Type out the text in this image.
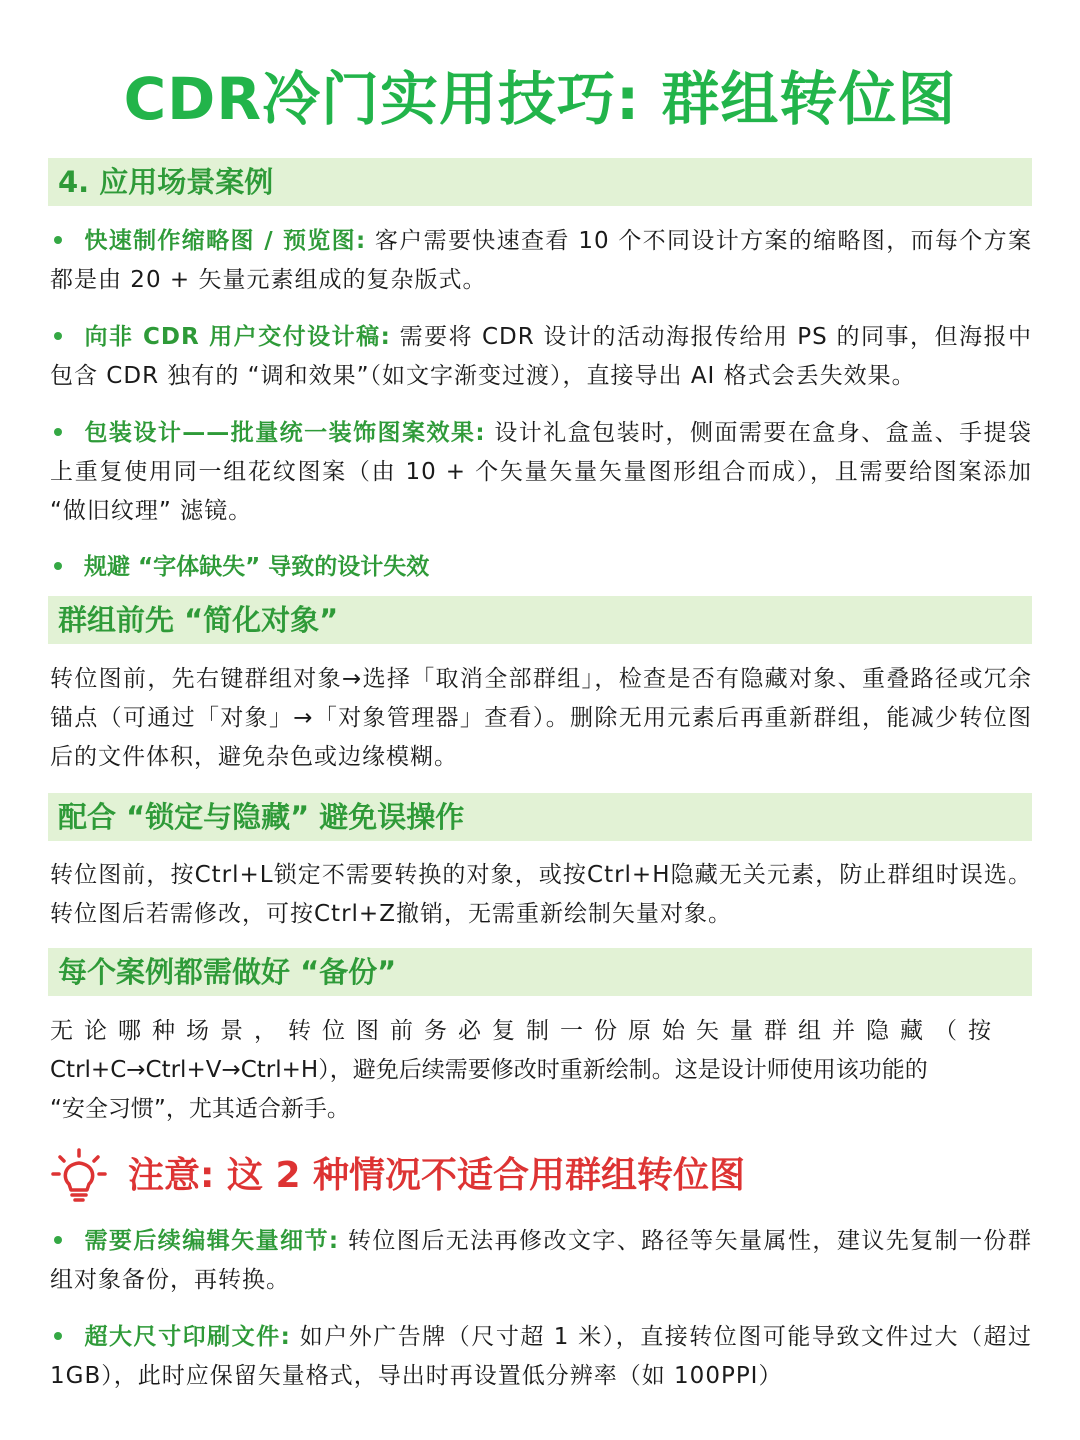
CDR冷门实用技巧: 群组转位图
4. 应用场景案例
快速制作缩略图 / 预览图: 客户需要快速查看 10 个不同设计方案的缩略图，而每个方案都是由 20 + 矢量元素组成的复杂版式。
向非 CDR 用户交付设计稿: 需要将 CDR 设计的活动海报传给用 PS 的同事，但海报中包含 CDR 独有的 “调和效果”（如文字渐变过渡），直接导出 AI 格式会丢失效果。
包装设计——批量统一装饰图案效果: 设计礼盒包装时，侧面需要在盒身、盒盖、手提袋上重复使用同一组花纹图案（由 10 + 个矢量矢量矢量图形组合而成），且需要给图案添加 “做旧纹理” 滤镜。
规避 “字体缺失” 导致的设计失效
群组前先 “简化对象”
转位图前，先右键群组对象→选择「取消全部群组」，检查是否有隐藏对象、重叠路径或冗余锚点（可通过「对象」→「对象管理器」查看）。删除无用元素后再重新群组，能减少转位图后的文件体积，避免杂色或边缘模糊。
配合 “锁定与隐藏” 避免误操作
转位图前，按Ctrl+L锁定不需要转换的对象，或按Ctrl+H隐藏无关元素，防止群组时误选。转位图后若需修改，可按Ctrl+Z撤销，无需重新绘制矢量对象。
每个案例都需做好 “备份”
无论哪种场景，转位图前务必复制一份原始矢量群组并隐藏（按
Ctrl+C→Ctrl+V→Ctrl+H），避免后续需要修改时重新绘制。这是设计师使用该功能的
“安全习惯”，尤其适合新手。
注意: 这 2 种情况不适合用群组转位图
需要后续编辑矢量细节: 转位图后无法再修改文字、路径等矢量属性，建议先复制一份群组对象备份，再转换。
超大尺寸印刷文件: 如户外广告牌（尺寸超 1 米），直接转位图可能导致文件过大（超过 1GB），此时应保留矢量格式，导出时再设置低分辨率（如 100PPI）
